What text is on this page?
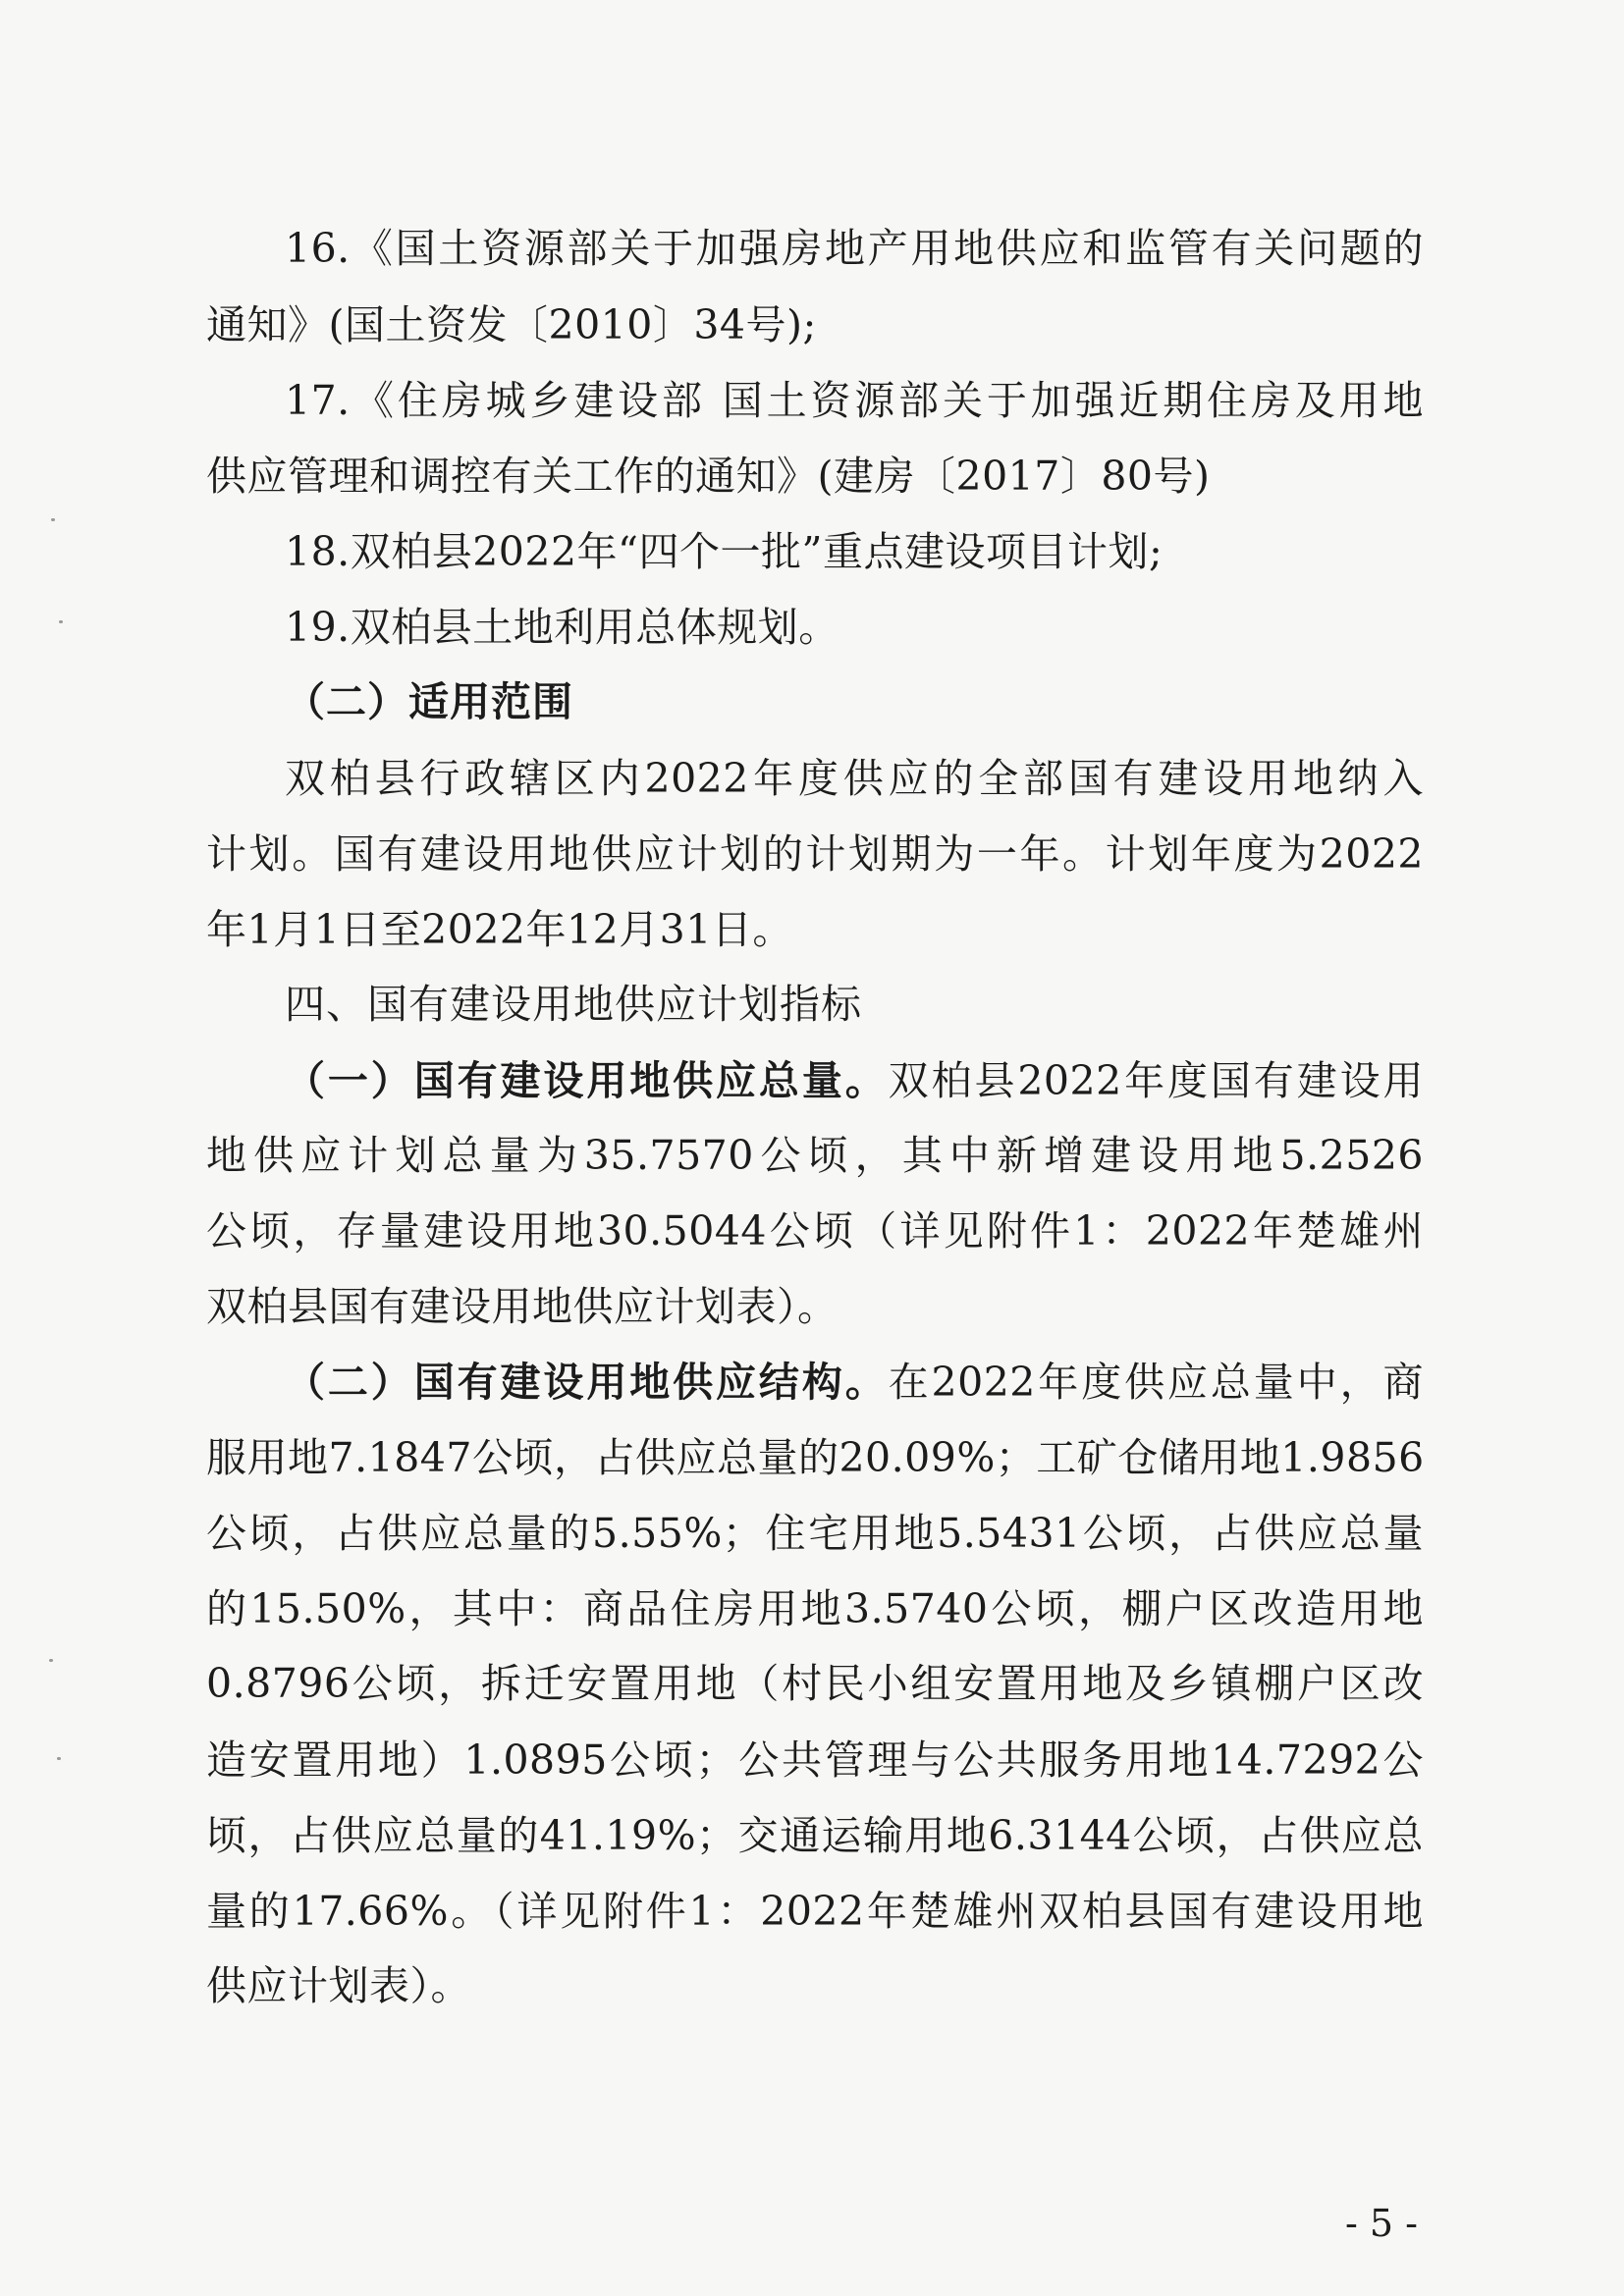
16.《国土资源部关于加强房地产用地供应和监管有关问题的
通知》(国土资发〔2010〕34号);
17.《住房城乡建设部 国土资源部关于加强近期住房及用地
供应管理和调控有关工作的通知》(建房〔2017〕80号)
18.双柏县2022年“四个一批”重点建设项目计划;
19.双柏县土地利用总体规划。
（二）适用范围
双柏县行政辖区内2022年度供应的全部国有建设用地纳入
计划。国有建设用地供应计划的计划期为一年。计划年度为2022
年1月1日至2022年12月31日。
四、国有建设用地供应计划指标
（一）国有建设用地供应总量。双柏县2022年度国有建设用
地供应计划总量为35.7570公顷，其中新增建设用地5.2526
公顷，存量建设用地30.5044公顷（详见附件1：2022年楚雄州
双柏县国有建设用地供应计划表）。
（二）国有建设用地供应结构。在2022年度供应总量中，商
服用地7.1847公顷，占供应总量的20.09%；工矿仓储用地1.9856
公顷，占供应总量的5.55%；住宅用地5.5431公顷，占供应总量
的15.50%，其中：商品住房用地3.5740公顷，棚户区改造用地
0.8796公顷，拆迁安置用地（村民小组安置用地及乡镇棚户区改
造安置用地）1.0895公顷；公共管理与公共服务用地14.7292公
顷，占供应总量的41.19%；交通运输用地6.3144公顷，占供应总
量的17.66%。（详见附件1：2022年楚雄州双柏县国有建设用地
供应计划表）。
- 5 -
